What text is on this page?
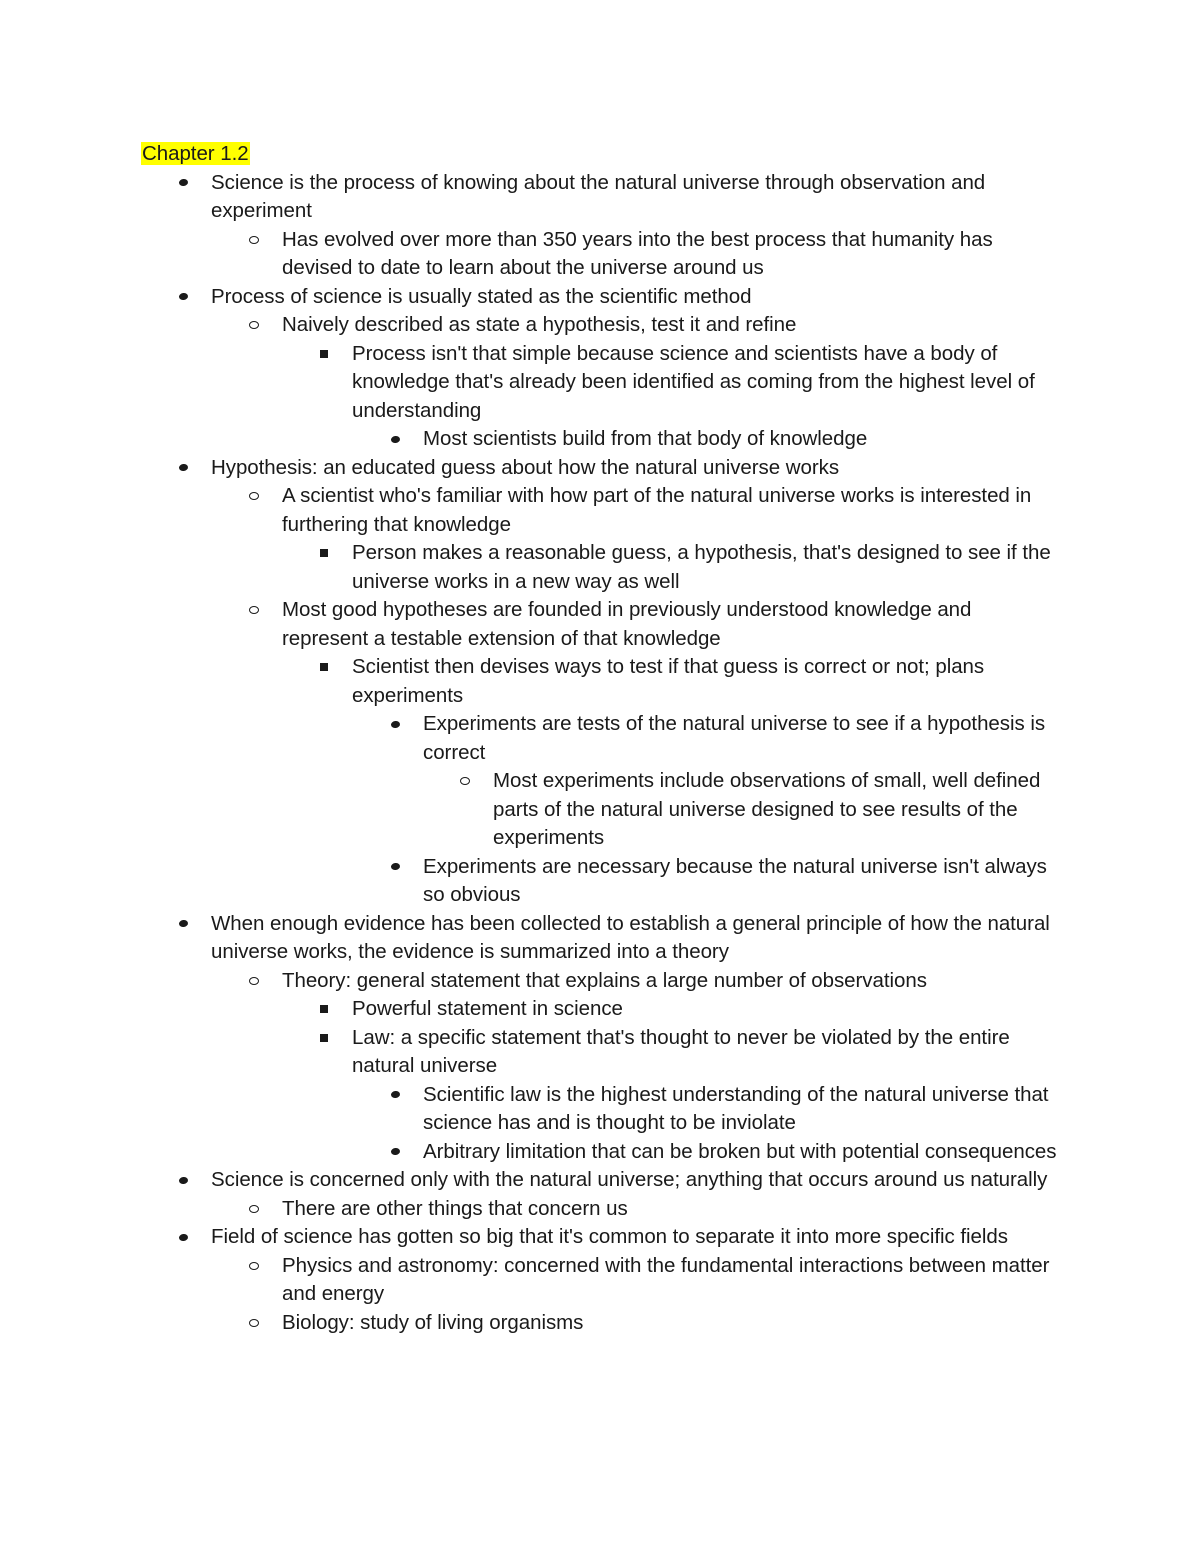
Chapter 1.2
Science is the process of knowing about the natural universe through observation and experiment
Has evolved over more than 350 years into the best process that humanity has devised to date to learn about the universe around us
Process of science is usually stated as the scientific method
Naively described as state a hypothesis, test it and refine
Process isn't that simple because science and scientists have a body of knowledge that's already been identified as coming from the highest level of understanding
Most scientists build from that body of knowledge
Hypothesis: an educated guess about how the natural universe works
A scientist who's familiar with how part of the natural universe works is interested in furthering that knowledge
Person makes a reasonable guess, a hypothesis, that's designed to see if the universe works in a new way as well
Most good hypotheses are founded in previously understood knowledge and represent a testable extension of that knowledge
Scientist then devises ways to test if that guess is correct or not; plans experiments
Experiments are tests of the natural universe to see if a hypothesis is correct
Most experiments include observations of small, well defined parts of the natural universe designed to see results of the experiments
Experiments are necessary because the natural universe isn't always so obvious
When enough evidence has been collected to establish a general principle of how the natural universe works, the evidence is summarized into a theory
Theory: general statement that explains a large number of observations
Powerful statement in science
Law: a specific statement that's thought to never be violated by the entire natural universe
Scientific law is the highest understanding of the natural universe that science has and is thought to be inviolate
Arbitrary limitation that can be broken but with potential consequences
Science is concerned only with the natural universe; anything that occurs around us naturally
There are other things that concern us
Field of science has gotten so big that it's common to separate it into more specific fields
Physics and astronomy: concerned with the fundamental interactions between matter and energy
Biology: study of living organisms
